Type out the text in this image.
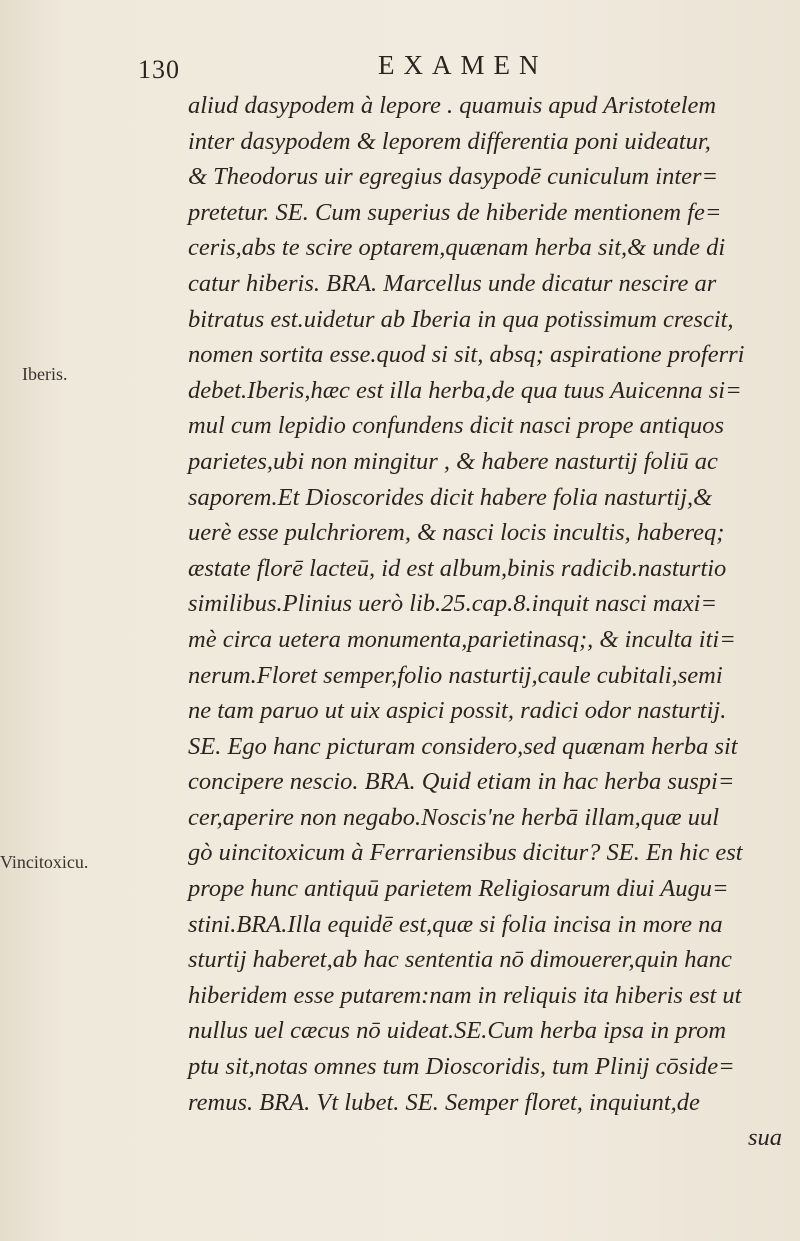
130	EXAMEN
Iberis.
Vincitoxicu.
aliud dasypodem à lepore . quamuis apud Aristotelem
inter dasypodem & leporem differentia poni uideatur,
& Theodorus uir egregius dasypodē cuniculum inter=
pretetur. SE. Cum superius de hiberide mentionem fe=
ceris,abs te scire optarem,quænam herba sit,& unde di
catur hiberis. BRA. Marcellus unde dicatur nescire ar
bitratus est.uidetur ab Iberia in qua potissimum crescit,
nomen sortita esse.quod si sit, absq; aspiratione proferri
debet.Iberis,hæc est illa herba,de qua tuus Auicenna si=
mul cum lepidio confundens dicit nasci prope antiquos
parietes,ubi non mingitur , & habere nasturtij foliū ac
saporem.Et Dioscorides dicit habere folia nasturtij,&
uerè esse pulchriorem, & nasci locis incultis, habereq;
æstate florē lacteū, id est album,binis radicib.nasturtio
similibus.Plinius uerò lib.25.cap.8.inquit nasci maxi=
mè circa uetera monumenta,parietinasq;, & inculta iti=
nerum.Floret semper,folio nasturtij,caule cubitali,semi
ne tam paruo ut uix aspici possit, radici odor nasturtij.
SE. Ego hanc picturam considero,sed quænam herba sit
concipere nescio. BRA. Quid etiam in hac herba suspi=
cer,aperire non negabo.Noscis'ne herbā illam,quæ uul
gò uincitoxicum à Ferrariensibus dicitur? SE. En hic est
prope hunc antiquū parietem Religiosarum diui Augu=
stini.BRA.Illa equidē est,quæ si folia incisa in more na
sturtij haberet,ab hac sententia nō dimouerer,quin hanc
hiberidem esse putarem:nam in reliquis ita hiberis est ut
nullus uel cæcus nō uideat.SE.Cum herba ipsa in prom
ptu sit,notas omnes tum Dioscoridis, tum Plinij cōside=
remus. BRA. Vt lubet. SE. Semper floret, inquiunt,de
sua
